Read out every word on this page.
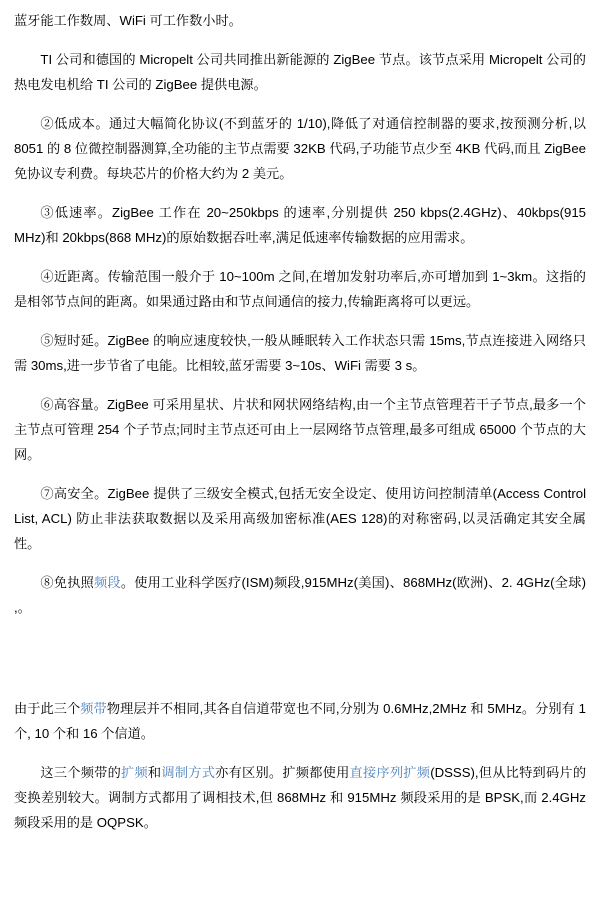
蓝牙能工作数周、WiFi 可工作数小时。

TI 公司和德国的 Micropelt 公司共同推出新能源的 ZigBee 节点。该节点采用 Micropelt 公司的热电发电机给 TI 公司的 ZigBee 提供电源。

②低成本。通过大幅简化协议(不到蓝牙的 1/10),降低了对通信控制器的要求,按预测分析,以 8051 的 8 位微控制器测算,全功能的主节点需要 32KB 代码,子功能节点少至 4KB 代码,而且 ZigBee 免协议专利费。每块芯片的价格大约为 2 美元。

③低速率。ZigBee 工作在 20~250kbps 的速率,分别提供 250 kbps(2.4GHz)、40kbps(915 MHz)和 20kbps(868 MHz)的原始数据吞吐率,满足低速率传输数据的应用需求。

④近距离。传输范围一般介于 10~100m 之间,在增加发射功率后,亦可增加到 1~3km。这指的是相邻节点间的距离。如果通过路由和节点间通信的接力,传输距离将可以更远。

⑤短时延。ZigBee 的响应速度较快,一般从睡眠转入工作状态只需 15ms,节点连接进入网络只需 30ms,进一步节省了电能。比相较,蓝牙需要 3~10s、WiFi 需要 3 s。

⑥高容量。ZigBee 可采用星状、片状和网状网络结构,由一个主节点管理若干子节点,最多一个主节点可管理 254 个子节点;同时主节点还可由上一层网络节点管理,最多可组成 65000 个节点的大网。

⑦高安全。ZigBee 提供了三级安全模式,包括无安全设定、使用访问控制清单(Access Control List, ACL) 防止非法获取数据以及采用高级加密标准(AES 128)的对称密码,以灵活确定其安全属性。

⑧免执照频段。使用工业科学医疗(ISM)频段,915MHz(美国)、868MHz(欧洲)、2. 4GHz(全球) ,。

由于此三个频带物理层并不相同,其各自信道带宽也不同,分别为 0.6MHz,2MHz 和 5MHz。分别有 1 个, 10 个和 16 个信道。

这三个频带的扩频和调制方式亦有区别。扩频都使用直接序列扩频(DSSS),但从比特到码片的变换差别较大。调制方式都用了调相技术,但 868MHz 和 915MHz 频段采用的是 BPSK,而 2.4GHz 频段采用的是 OQPSK。
